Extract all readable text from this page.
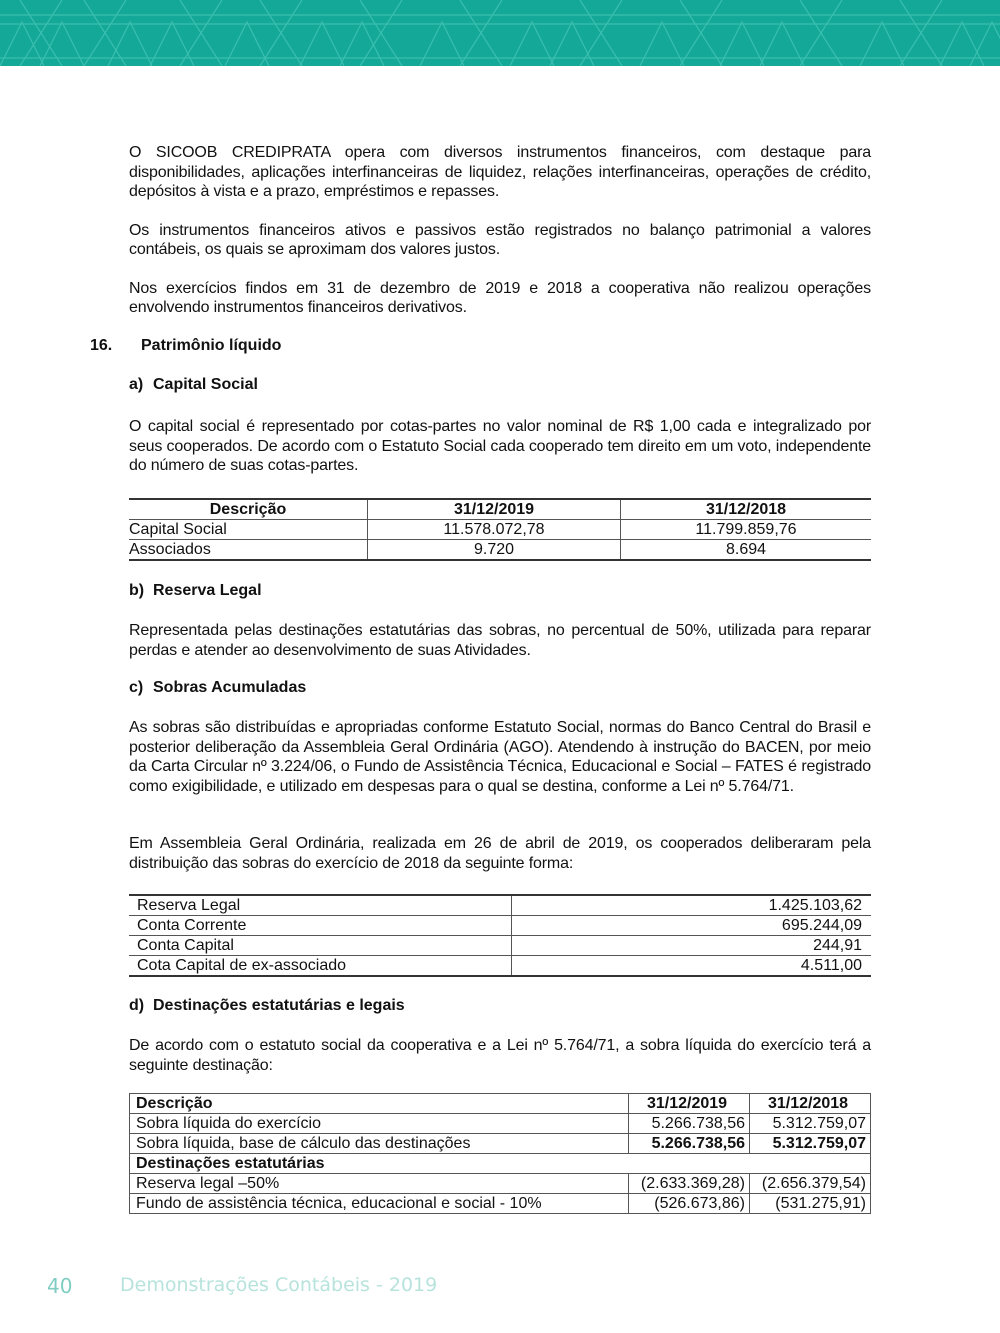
O SICOOB CREDIPRATA opera com diversos instrumentos financeiros, com destaque para disponibilidades, aplicações interfinanceiras de liquidez, relações interfinanceiras, operações de crédito, depósitos à vista e a prazo, empréstimos e repasses.

Os instrumentos financeiros ativos e passivos estão registrados no balanço patrimonial a valores contábeis, os quais se aproximam dos valores justos.

Nos exercícios findos em 31 de dezembro de 2019 e 2018 a cooperativa não realizou operações envolvendo instrumentos financeiros derivativos.

16. Patrimônio líquido
a) Capital Social

O capital social é representado por cotas-partes no valor nominal de R$ 1,00 cada e integralizado por seus cooperados. De acordo com o Estatuto Social cada cooperado tem direito em um voto, independente do número de suas cotas-partes.

Descrição	31/12/2019	31/12/2018
Capital Social	11.578.072,78	11.799.859,76
Associados	9.720	8.694
b) Reserva Legal

Representada pelas destinações estatutárias das sobras, no percentual de 50%, utilizada para reparar perdas e atender ao desenvolvimento de suas Atividades.

c) Sobras Acumuladas

As sobras são distribuídas e apropriadas conforme Estatuto Social, normas do Banco Central do Brasil e posterior deliberação da Assembleia Geral Ordinária (AGO). Atendendo à instrução do BACEN, por meio da Carta Circular nº 3.224/06, o Fundo de Assistência Técnica, Educacional e Social – FATES é registrado como exigibilidade, e utilizado em despesas para o qual se destina, conforme a Lei nº 5.764/71.

Em Assembleia Geral Ordinária, realizada em 26 de abril de 2019, os cooperados deliberaram pela distribuição das sobras do exercício de 2018 da seguinte forma:

Reserva Legal	1.425.103,62
Conta Corrente	695.244,09
Conta Capital	244,91
Cota Capital de ex-associado	4.511,00
d) Destinações estatutárias e legais

De acordo com o estatuto social da cooperativa e a Lei nº 5.764/71, a sobra líquida do exercício terá a seguinte destinação:

Descrição	31/12/2019	31/12/2018
Sobra líquida do exercício	5.266.738,56	5.312.759,07
Sobra líquida, base de cálculo das destinações	5.266.738,56	5.312.759,07
Destinações estatutárias		
Reserva legal –50%	(2.633.369,28)	(2.656.379,54)
Fundo de assistência técnica, educacional e social - 10%	(526.673,86)	(531.275,91)
40	Demonstrações Contábeis - 2019
